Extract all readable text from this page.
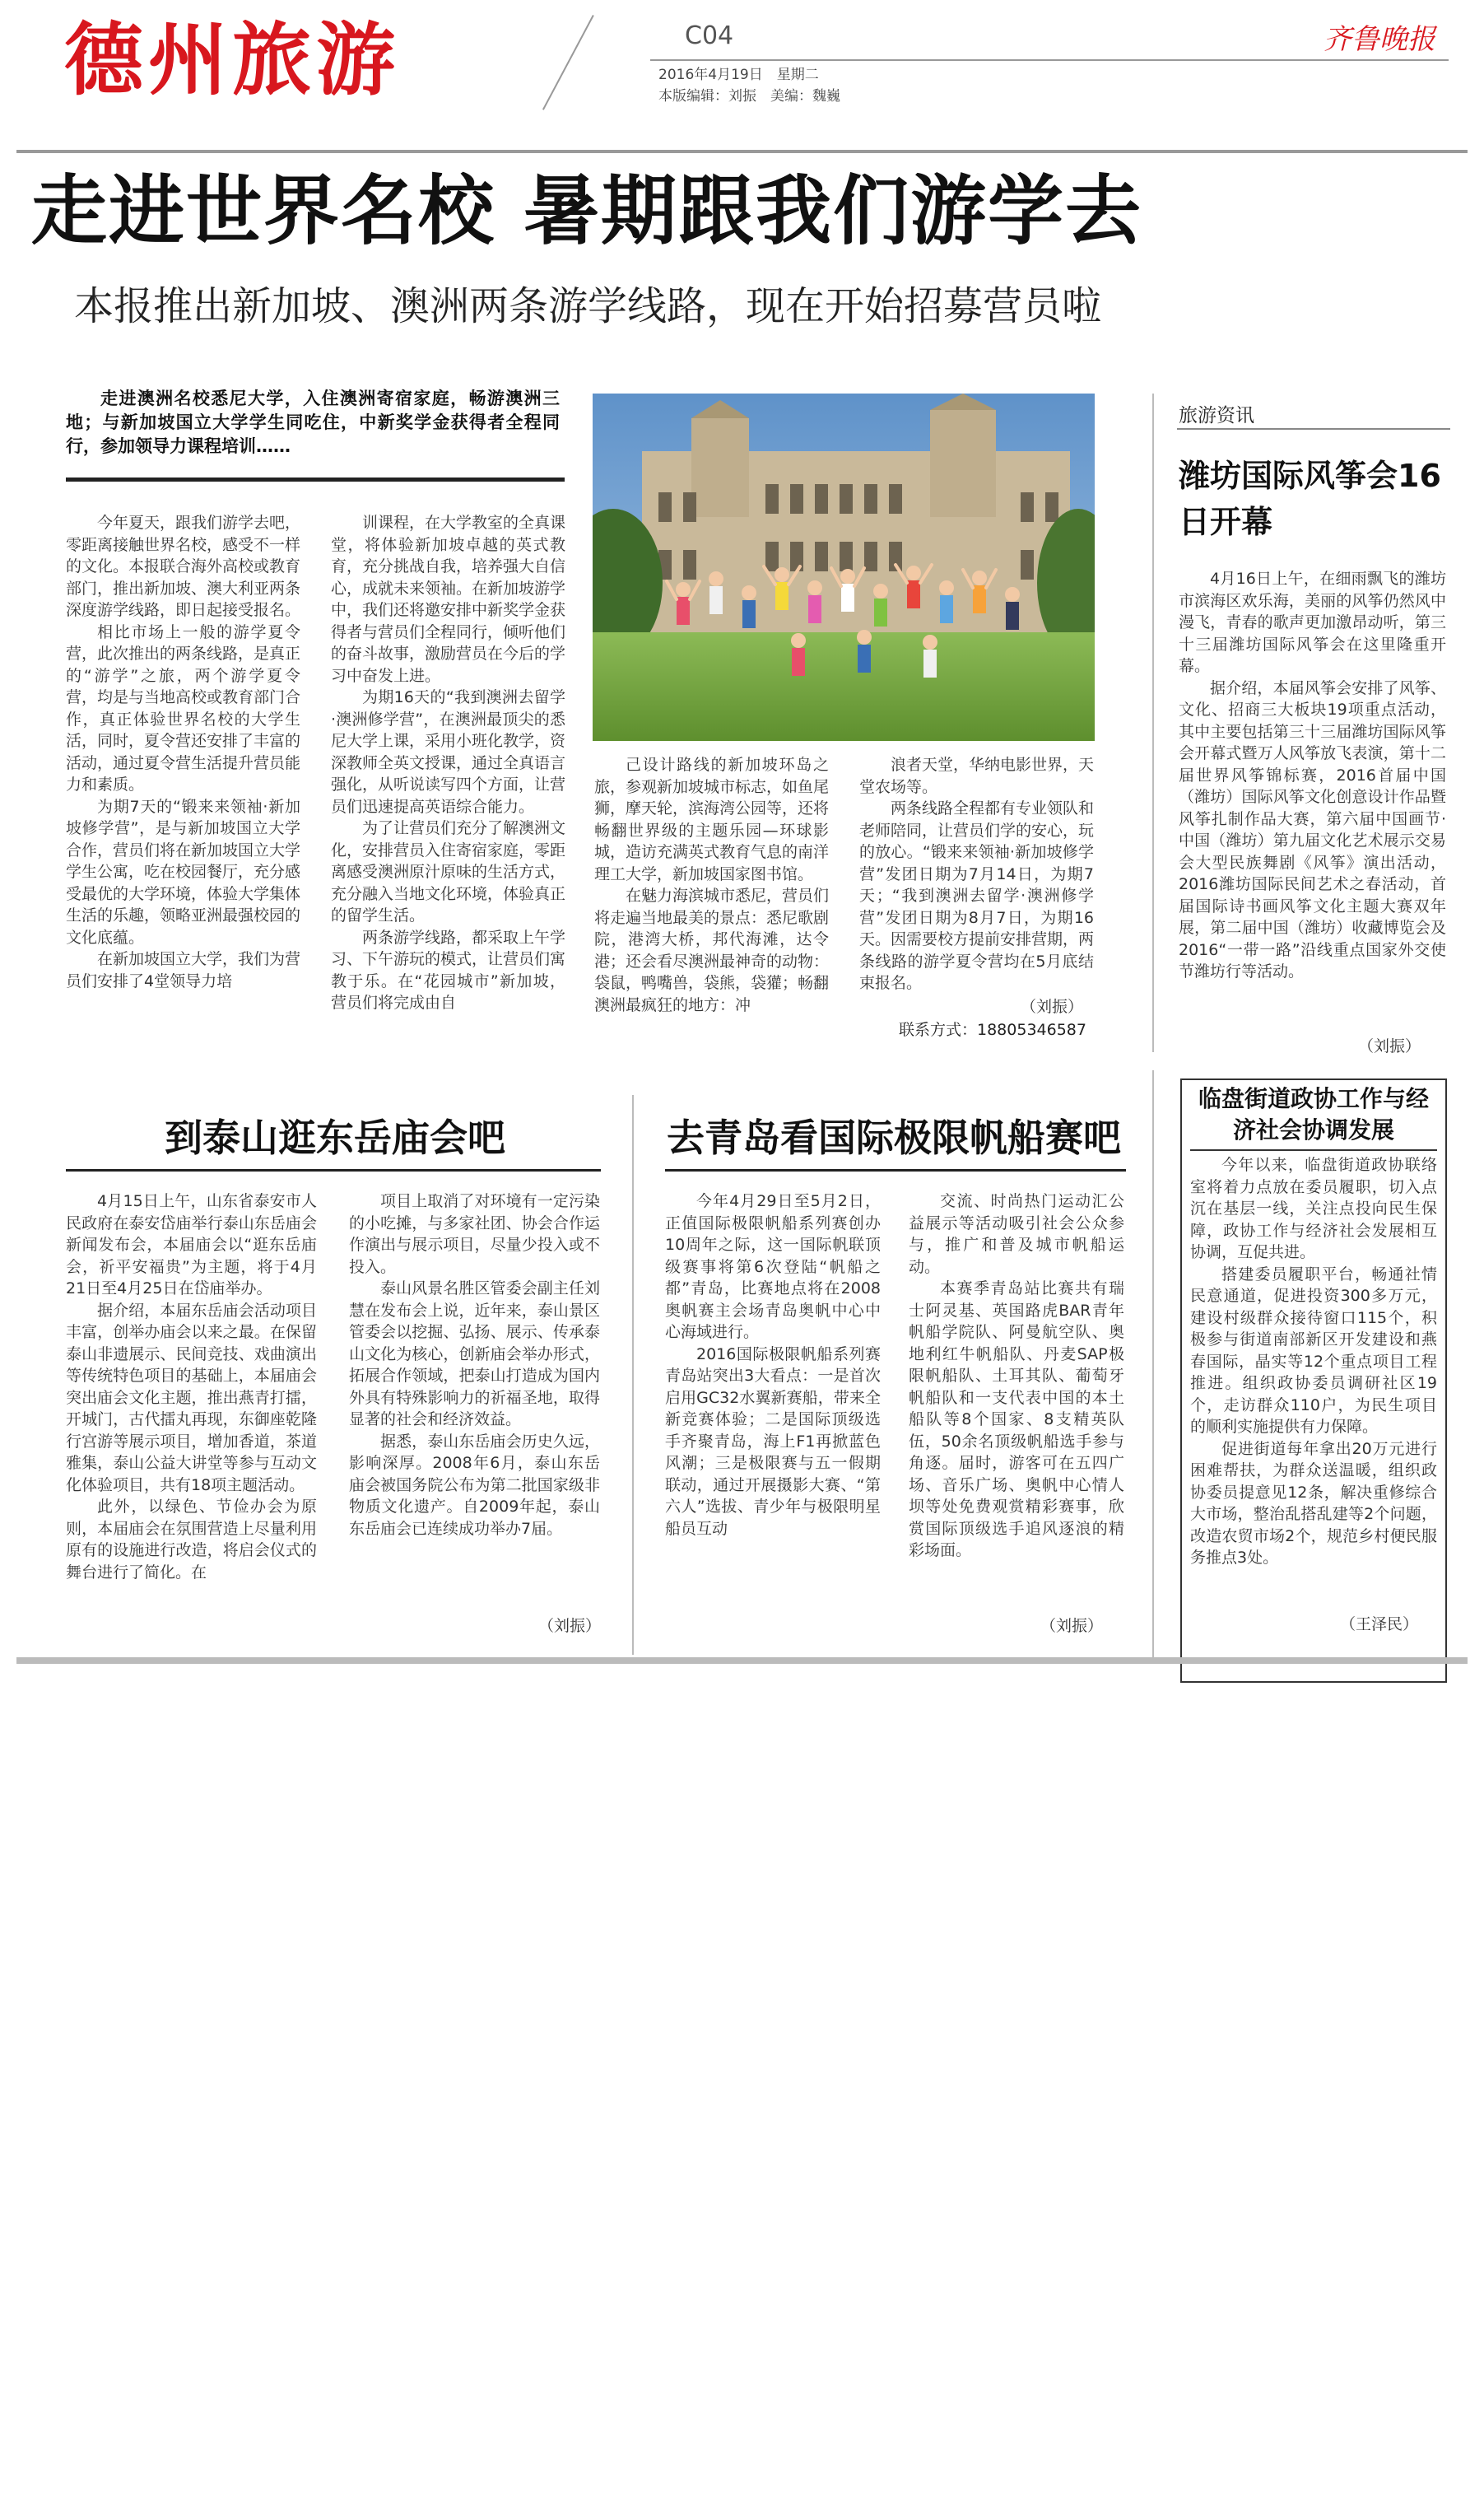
德州旅游	C04
2016年4月19日　星期二
本版编辑：刘振　美编：魏巍
齐鲁晚报
走进世界名校 暑期跟我们游学去
本报推出新加坡、澳洲两条游学线路，现在开始招募营员啦

走进澳洲名校悉尼大学，入住澳洲寄宿家庭，畅游澳洲三地；与新加坡国立大学学生同吃住，中新奖学金获得者全程同行，参加领导力课程培训……

今年夏天，跟我们游学去吧，零距离接触世界名校，感受不一样的文化。本报联合海外高校或教育部门，推出新加坡、澳大利亚两条深度游学线路，即日起接受报名。

相比市场上一般的游学夏令营，此次推出的两条线路，是真正的“游学”之旅，两个游学夏令营，均是与当地高校或教育部门合作，真正体验世界名校的大学生活，同时，夏令营还安排了丰富的活动，通过夏令营生活提升营员能力和素质。

为期7天的“锻来来领袖·新加坡修学营”，是与新加坡国立大学合作，营员们将在新加坡国立大学学生公寓，吃在校园餐厅，充分感受最优的大学环境，体验大学集体生活的乐趣，领略亚洲最强校园的文化底蕴。

在新加坡国立大学，我们为营员们安排了4堂领导力培

训课程，在大学教室的全真课堂，将体验新加坡卓越的英式教育，充分挑战自我，培养强大自信心，成就未来领袖。在新加坡游学中，我们还将邀安排中新奖学金获得者与营员们全程同行，倾听他们的奋斗故事，激励营员在今后的学习中奋发上进。

为期16天的“我到澳洲去留学·澳洲修学营”，在澳洲最顶尖的悉尼大学上课，采用小班化教学，资深教师全英文授课，通过全真语言强化，从听说读写四个方面，让营员们迅速提高英语综合能力。

为了让营员们充分了解澳洲文化，安排营员入住寄宿家庭，零距离感受澳洲原汁原味的生活方式，充分融入当地文化环境，体验真正的留学生活。

两条游学线路，都采取上午学习、下午游玩的模式，让营员们寓教于乐。在“花园城市”新加坡，营员们将完成由自

己设计路线的新加坡环岛之旅，参观新加坡城市标志，如鱼尾狮，摩天轮，滨海湾公园等，还将畅翻世界级的主题乐园—环球影城，造访充满英式教育气息的南洋理工大学，新加坡国家图书馆。

在魅力海滨城市悉尼，营员们将走遍当地最美的景点：悉尼歌剧院，港湾大桥，邦代海滩，达令港；还会看尽澳洲最神奇的动物：袋鼠，鸭嘴兽，袋熊，袋獾；畅翻澳洲最疯狂的地方：冲

浪者天堂，华纳电影世界，天堂农场等。

两条线路全程都有专业领队和老师陪同，让营员们学的安心，玩的放心。“锻来来领袖·新加坡修学营”发团日期为7月14日，为期7天；“我到澳洲去留学·澳洲修学营”发团日期为8月7日，为期16天。因需要校方提前安排营期，两条线路的游学夏令营均在5月底结束报名。

（刘振）
联系方式：18805346587
旅游资讯
潍坊国际风筝会16日开幕

4月16日上午，在细雨飘飞的潍坊市滨海区欢乐海，美丽的风筝仍然风中漫飞，青春的歌声更加激昂动听，第三十三届潍坊国际风筝会在这里隆重开幕。

据介绍，本届风筝会安排了风筝、文化、招商三大板块19项重点活动，其中主要包括第三十三届潍坊国际风筝会开幕式暨万人风筝放飞表演，第十二届世界风筝锦标赛，2016首届中国（潍坊）国际风筝文化创意设计作品暨风筝扎制作品大赛，第六届中国画节·中国（潍坊）第九届文化艺术展示交易会大型民族舞剧《风筝》演出活动，2016潍坊国际民间艺术之春活动，首届国际诗书画风筝文化主题大赛双年展，第二届中国（潍坊）收藏博览会及2016“一带一路”沿线重点国家外交使节潍坊行等活动。

（刘振）
临盘街道政协工作与经济社会协调发展

今年以来，临盘街道政协联络室将着力点放在委员履职，切入点沉在基层一线，关注点投向民生保障，政协工作与经济社会发展相互协调，互促共进。

搭建委员履职平台，畅通社情民意通道，促进投资300多万元，建设村级群众接待窗口115个，积极参与街道南部新区开发建设和燕春国际，晶实等12个重点项目工程推进。组织政协委员调研社区19个，走访群众110户，为民生项目的顺利实施提供有力保障。

促进街道每年拿出20万元进行困难帮扶，为群众送温暖，组织政协委员提意见12条，解决重修综合大市场，整治乱搭乱建等2个问题，改造农贸市场2个，规范乡村便民服务推点3处。

（王泽民）
到泰山逛东岳庙会吧

4月15日上午，山东省泰安市人民政府在泰安岱庙举行泰山东岳庙会新闻发布会，本届庙会以“逛东岳庙会，祈平安福贵”为主题，将于4月21日至4月25日在岱庙举办。

据介绍，本届东岳庙会活动项目丰富，创举办庙会以来之最。在保留泰山非遗展示、民间竞技、戏曲演出等传统特色项目的基础上，本届庙会突出庙会文化主题，推出燕青打擂，开城门，古代擂丸再现，东御座乾隆行宫游等展示项目，增加香道，茶道雅集，泰山公益大讲堂等参与互动文化体验项目，共有18项主题活动。

此外，以绿色、节俭办会为原则，本届庙会在氛围营造上尽量利用原有的设施进行改造，将启会仪式的舞台进行了简化。在

项目上取消了对环境有一定污染的小吃摊，与多家社团、协会合作运作演出与展示项目，尽量少投入或不投入。

泰山风景名胜区管委会副主任刘慧在发布会上说，近年来，泰山景区管委会以挖掘、弘扬、展示、传承泰山文化为核心，创新庙会举办形式，拓展合作领域，把泰山打造成为国内外具有特殊影响力的祈福圣地，取得显著的社会和经济效益。

据悉，泰山东岳庙会历史久远，影响深厚。2008年6月，泰山东岳庙会被国务院公布为第二批国家级非物质文化遗产。自2009年起，泰山东岳庙会已连续成功举办7届。

（刘振）
去青岛看国际极限帆船赛吧

今年4月29日至5月2日，正值国际极限帆船系列赛创办10周年之际，这一国际帆联顶级赛事将第6次登陆“帆船之都”青岛，比赛地点将在2008奥帆赛主会场青岛奥帆中心中心海域进行。

2016国际极限帆船系列赛青岛站突出3大看点：一是首次启用GC32水翼新赛船，带来全新竞赛体验；二是国际顶级选手齐聚青岛，海上F1再掀蓝色风潮；三是极限赛与五一假期联动，通过开展摄影大赛、“第六人”选拔、青少年与极限明星船员互动

交流、时尚热门运动汇公益展示等活动吸引社会公众参与，推广和普及城市帆船运动。

本赛季青岛站比赛共有瑞士阿灵基、英国路虎BAR青年帆船学院队、阿曼航空队、奥地利红牛帆船队、丹麦SAP极限帆船队、土耳其队、葡萄牙帆船队和一支代表中国的本土船队等8个国家、8支精英队伍，50余名顶级帆船选手参与角逐。届时，游客可在五四广场、音乐广场、奥帆中心情人坝等处免费观赏精彩赛事，欣赏国际顶级选手追风逐浪的精彩场面。

（刘振）
